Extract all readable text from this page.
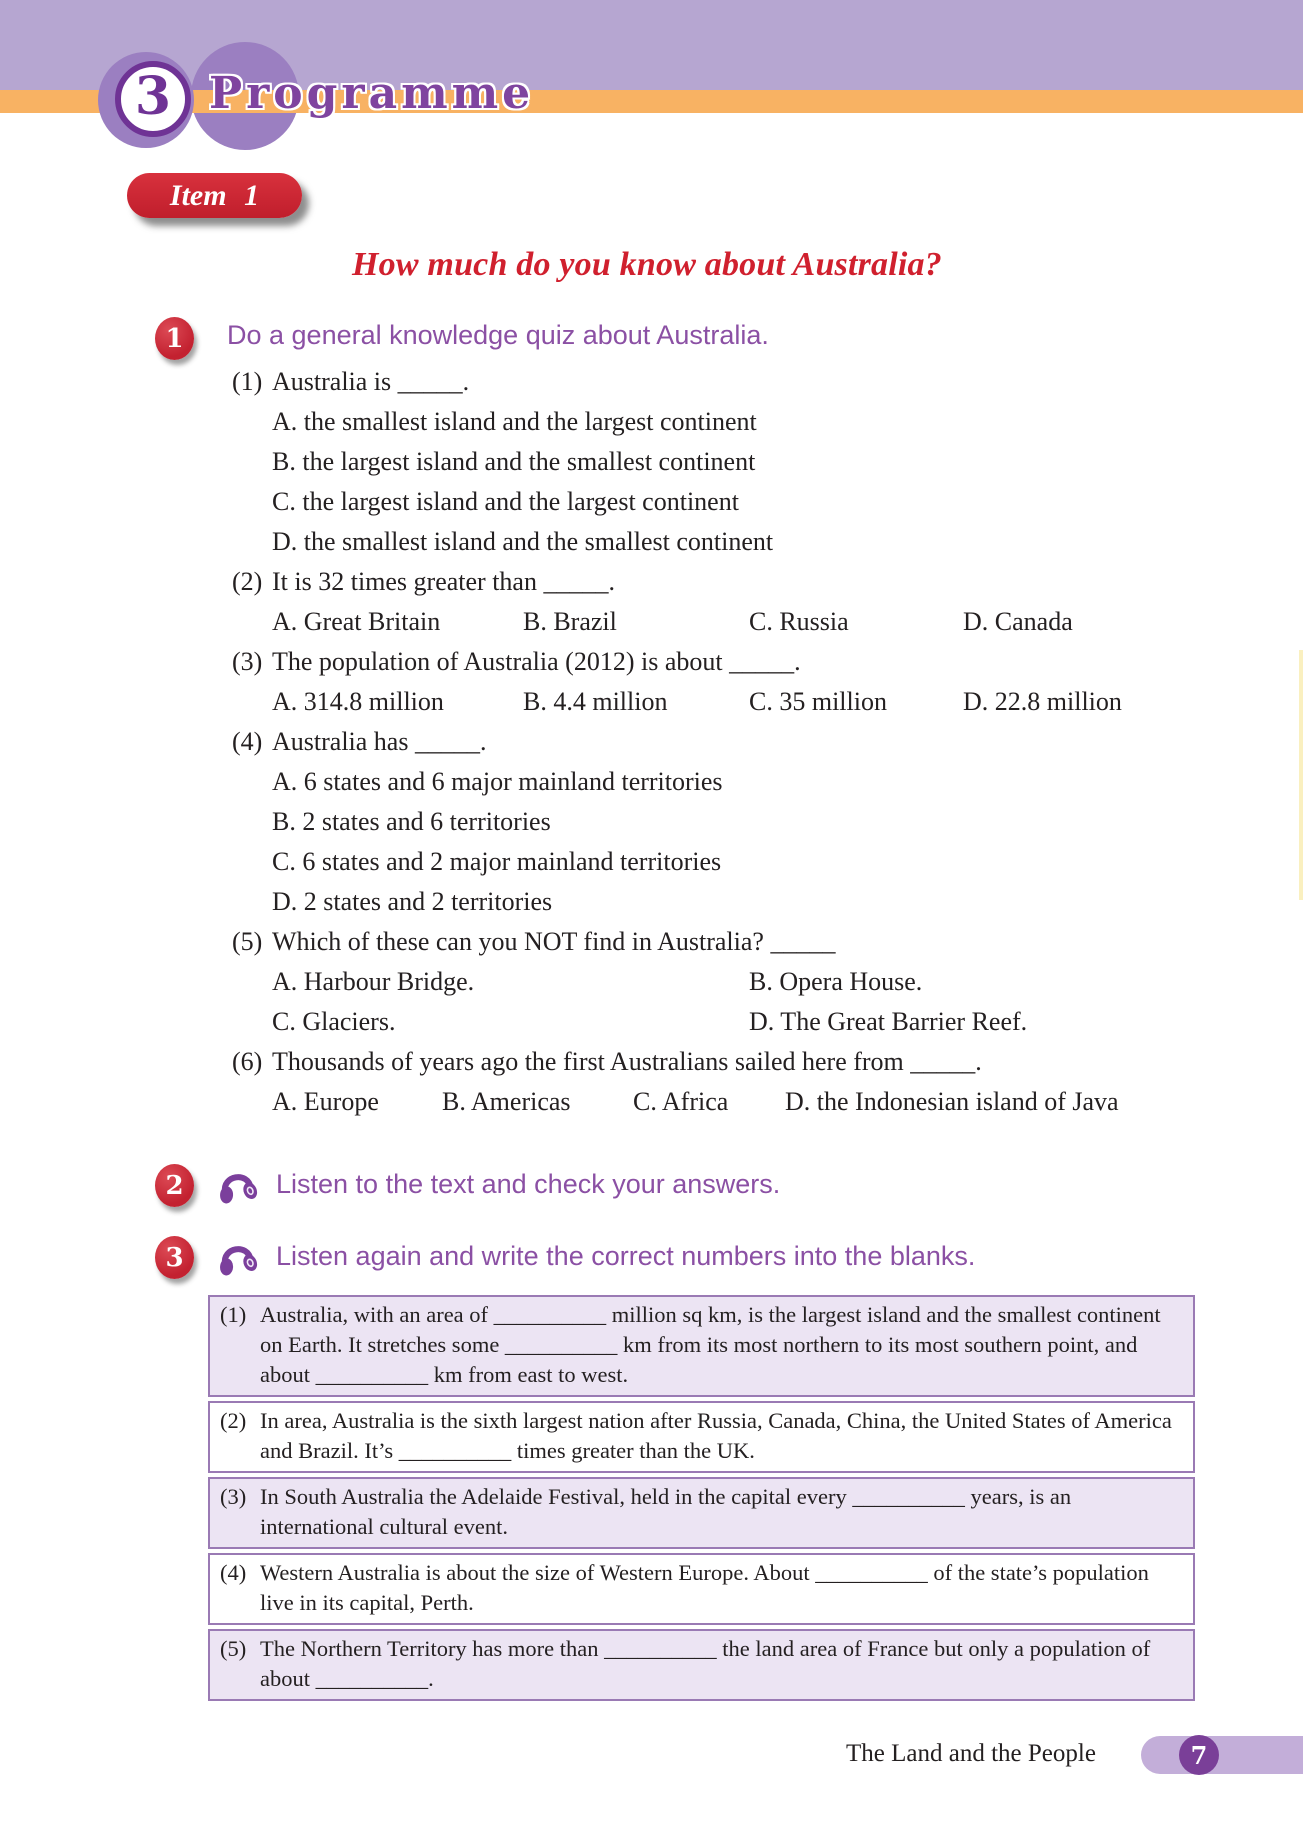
3 Programme
Item 1
How much do you know about Australia?
1 Do a general knowledge quiz about Australia.
(1) Australia is _____.
A. the smallest island and the largest continent
B. the largest island and the smallest continent
C. the largest island and the largest continent
D. the smallest island and the smallest continent
(2) It is 32 times greater than _____.
A. Great Britain	B. Brazil	C. Russia	D. Canada
(3) The population of Australia (2012) is about _____.
A. 314.8 million	B. 4.4 million	C. 35 million	D. 22.8 million
(4) Australia has _____.
A. 6 states and 6 major mainland territories
B. 2 states and 6 territories
C. 6 states and 2 major mainland territories
D. 2 states and 2 territories
(5) Which of these can you NOT find in Australia? _____
A. Harbour Bridge.	B. Opera House.
C. Glaciers.	D. The Great Barrier Reef.
(6) Thousands of years ago the first Australians sailed here from _____.
A. Europe	B. Americas	C. Africa	D. the Indonesian island of Java
2	Listen to the text and check your answers.
3	Listen again and write the correct numbers into the blanks.
(1) Australia, with an area of __________ million sq km, is the largest island and the smallest continent on Earth. It stretches some __________ km from its most northern to its most southern point, and about __________ km from east to west.
(2) In area, Australia is the sixth largest nation after Russia, Canada, China, the United States of America and Brazil. It’s __________ times greater than the UK.
(3) In South Australia the Adelaide Festival, held in the capital every __________ years, is an international cultural event.
(4) Western Australia is about the size of Western Europe. About __________ of the state’s population live in its capital, Perth.
(5) The Northern Territory has more than __________ the land area of France but only a population of about __________.
The Land and the People	7
